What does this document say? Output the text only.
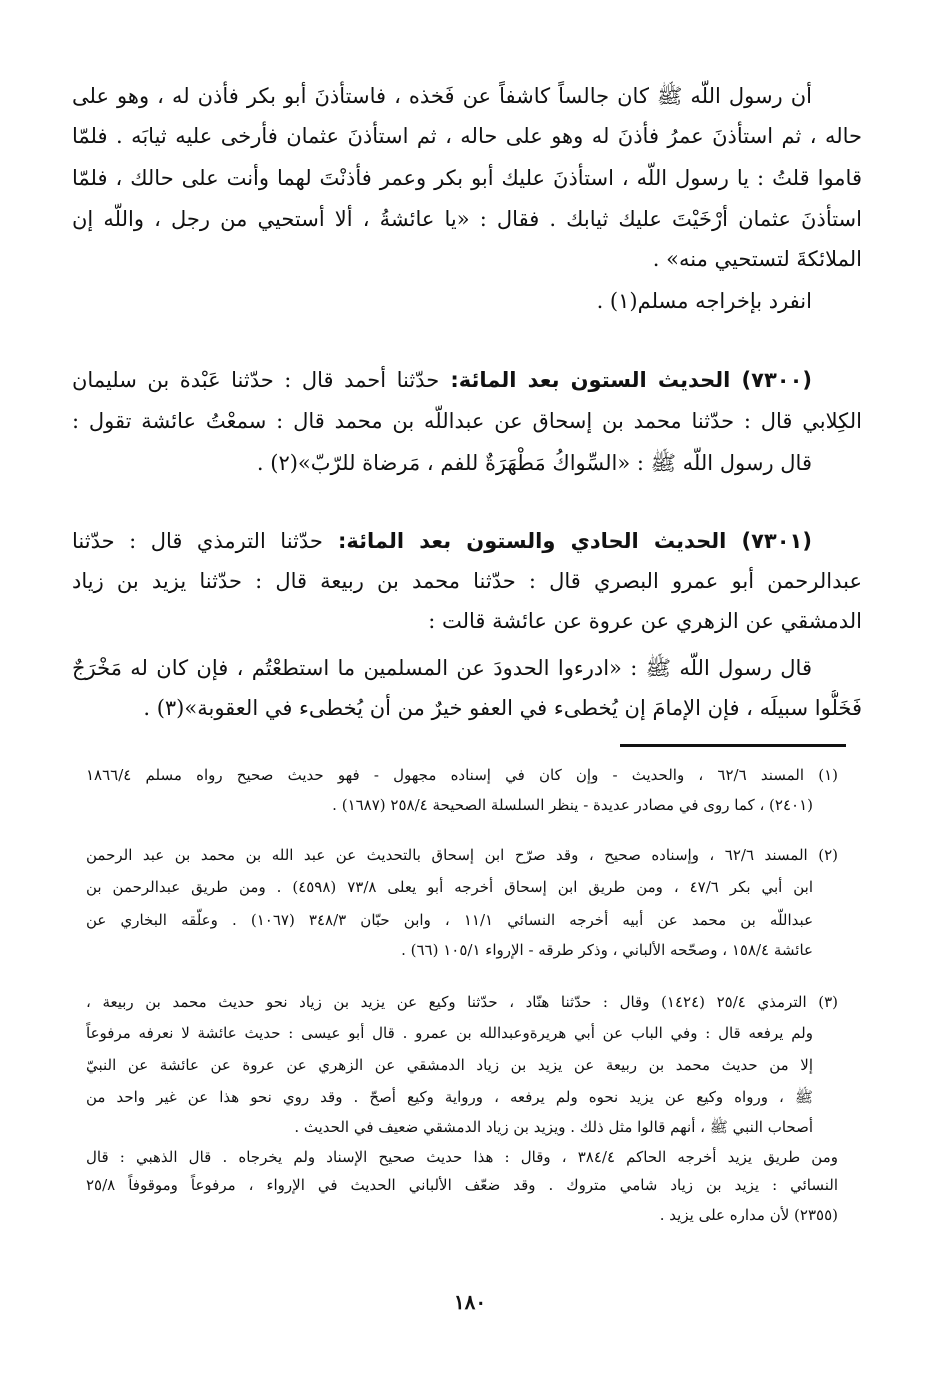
أن رسول اللّه ﷺ كان جالساً كاشفاً عن فَخذه ، فاستأذنَ أبو بكر فأذن له ، وهو على
حاله ، ثم استأذنَ عمرُ فأذنَ له وهو على حاله ، ثم استأذنَ عثمان فأرخى عليه ثيابَه . فلمّا
قاموا قلتُ : يا رسول اللّه ، استأذنَ عليك أبو بكر وعمر فأذنْتَ لهما وأنت على حالك ، فلمّا
استأذنَ عثمان أرْخَيْتَ عليك ثيابك . فقال : «يا عائشةُ ، ألا أستحيي من رجل ، واللّه إن
الملائكةَ لتستحيي منه» .
انفرد بإخراجه مسلم(١) .
(٧٣٠٠) الحديث الستون بعد المائة: حدّثنا أحمد قال : حدّثنا عَبْدة بن سليمان
الكِلابي قال : حدّثنا محمد بن إسحاق عن عبداللّه بن محمد قال : سمعْتُ عائشة تقول :
قال رسول اللّه ﷺ : «السِّواكُ مَطْهَرَةٌ للفم ، مَرضاة للرّبّ»(٢) .
(٧٣٠١) الحديث الحادي والستون بعد المائة: حدّثنا الترمذي قال : حدّثنا
عبدالرحمن أبو عمرو البصري قال : حدّثنا محمد بن ربيعة قال : حدّثنا يزيد بن زياد
الدمشقي عن الزهري عن عروة عن عائشة قالت :
قال رسول اللّه ﷺ : «ادرءوا الحدودَ عن المسلمين ما استطعْتُم ، فإن كان له مَخْرَجٌ
فَخَلُّوا سبيلَه ، فإن الإمامَ إن يُخطىء في العفو خيرٌ من أن يُخطىء في العقوبة»(٣) .
(١) المسند ٦٢/٦ ، والحديث - وإن كان في إسناده مجهول - فهو حديث صحيح رواه مسلم ١٨٦٦/٤
(٢٤٠١) ، كما روى في مصادر عديدة - ينظر السلسلة الصحيحة ٢٥٨/٤ (١٦٨٧) .
(٢) المسند ٦٢/٦ ، وإسناده صحيح ، وقد صرّح ابن إسحاق بالتحديث عن عبد الله بن محمد بن عبد الرحمن
ابن أبي بكر ٤٧/٦ ، ومن طريق ابن إسحاق أخرجه أبو يعلى ٧٣/٨ (٤٥٩٨) . ومن طريق عبدالرحمن بن
عبداللّه بن محمد عن أبيه أخرجه النسائي ١١/١ ، وابن حبّان ٣٤٨/٣ (١٠٦٧) . وعلّقه البخاري عن
عائشة ١٥٨/٤ ، وصحّحه الألباني ، وذكر طرقه - الإرواء ١٠٥/١ (٦٦) .
(٣) الترمذي ٢٥/٤ (١٤٢٤) وقال : حدّثنا هنّاد ، حدّثنا وكيع عن يزيد بن زياد نحو حديث محمد بن ربيعة ،
ولم يرفعه قال : وفي الباب عن أبي هريرةوعبدالله بن عمرو . قال أبو عيسى : حديث عائشة لا نعرفه مرفوعاً
إلا من حديث محمد بن ربيعة عن يزيد بن زياد الدمشقي عن الزهري عن عروة عن عائشة عن النبيّ
ﷺ ، ورواه وكيع عن يزيد نحوه ولم يرفعه ، ورواية وكيع أصحّ . وقد روي نحو هذا عن غير واحد من
أصحاب النبي ﷺ ، أنهم قالوا مثل ذلك . ويزيد بن زياد الدمشقي ضعيف في الحديث .
ومن طريق يزيد أخرجه الحاكم ٣٨٤/٤ ، وقال : هذا حديث صحيح الإسناد ولم يخرجاه . قال الذهبي : قال
النسائي : يزيد بن زياد شامي متروك . وقد ضعّف الألباني الحديث في الإرواء ، مرفوعاً وموقوفاً ٢٥/٨
(٢٣٥٥) لأن مداره على يزيد .
١٨٠
